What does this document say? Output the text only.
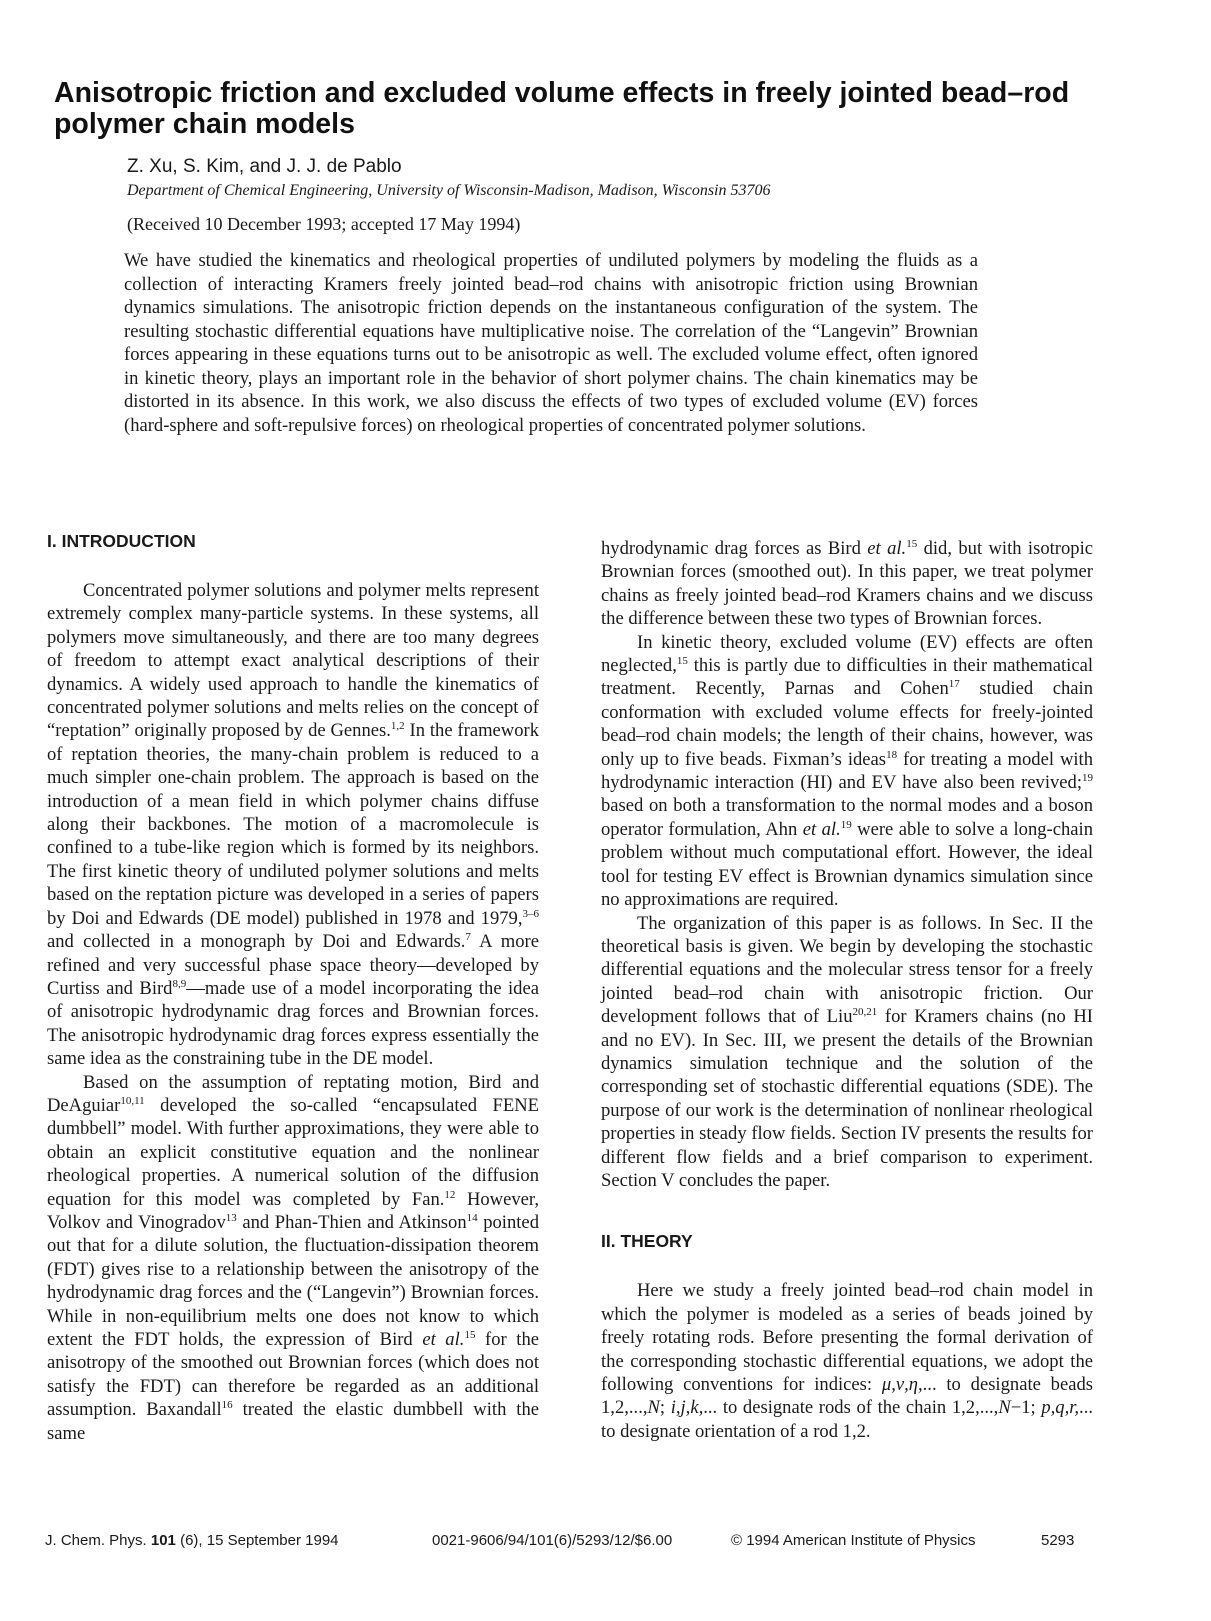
Anisotropic friction and excluded volume effects in freely jointed bead–rod polymer chain models
Z. Xu, S. Kim, and J. J. de Pablo
Department of Chemical Engineering, University of Wisconsin-Madison, Madison, Wisconsin 53706
(Received 10 December 1993; accepted 17 May 1994)

We have studied the kinematics and rheological properties of undiluted polymers by modeling the fluids as a collection of interacting Kramers freely jointed bead–rod chains with anisotropic friction using Brownian dynamics simulations. The anisotropic friction depends on the instantaneous configuration of the system. The resulting stochastic differential equations have multiplicative noise. The correlation of the “Langevin” Brownian forces appearing in these equations turns out to be anisotropic as well. The excluded volume effect, often ignored in kinetic theory, plays an important role in the behavior of short polymer chains. The chain kinematics may be distorted in its absence. In this work, we also discuss the effects of two types of excluded volume (EV) forces (hard-sphere and soft-repulsive forces) on rheological properties of concentrated polymer solutions.

I. INTRODUCTION

Concentrated polymer solutions and polymer melts represent extremely complex many-particle systems. In these systems, all polymers move simultaneously, and there are too many degrees of freedom to attempt exact analytical descriptions of their dynamics. A widely used approach to handle the kinematics of concentrated polymer solutions and melts relies on the concept of “reptation” originally proposed by de Gennes.$^{1,2}$ In the framework of reptation theories, the many-chain problem is reduced to a much simpler one-chain problem. The approach is based on the introduction of a mean field in which polymer chains diffuse along their backbones. The motion of a macromolecule is confined to a tube-like region which is formed by its neighbors. The first kinetic theory of undiluted polymer solutions and melts based on the reptation picture was developed in a series of papers by Doi and Edwards (DE model) published in 1978 and 1979,$^{3-6}$ and collected in a monograph by Doi and Edwards.$^7$ A more refined and very successful phase space theory—developed by Curtiss and Bird$^{8,9}$—made use of a model incorporating the idea of anisotropic hydrodynamic drag forces and Brownian forces. The anisotropic hydrodynamic drag forces express essentially the same idea as the constraining tube in the DE model.

Based on the assumption of reptating motion, Bird and DeAguiar$^{10,11}$ developed the so-called “encapsulated FENE dumbbell” model. With further approximations, they were able to obtain an explicit constitutive equation and the nonlinear rheological properties. A numerical solution of the diffusion equation for this model was completed by Fan.$^{12}$ However, Volkov and Vinogradov$^{13}$ and Phan-Thien and Atkinson$^{14}$ pointed out that for a dilute solution, the fluctuation-dissipation theorem (FDT) gives rise to a relationship between the anisotropy of the hydrodynamic drag forces and the (“Langevin”) Brownian forces. While in non-equilibrium melts one does not know to which extent the FDT holds, the expression of Bird et al.$^{15}$ for the anisotropy of the smoothed out Brownian forces (which does not satisfy the FDT) can therefore be regarded as an additional assumption. Baxandall$^{16}$ treated the elastic dumbbell with the same

hydrodynamic drag forces as Bird et al.$^{15}$ did, but with isotropic Brownian forces (smoothed out). In this paper, we treat polymer chains as freely jointed bead–rod Kramers chains and we discuss the difference between these two types of Brownian forces.

In kinetic theory, excluded volume (EV) effects are often neglected,$^{15}$ this is partly due to difficulties in their mathematical treatment. Recently, Parnas and Cohen$^{17}$ studied chain conformation with excluded volume effects for freely-jointed bead–rod chain models; the length of their chains, however, was only up to five beads. Fixman’s ideas$^{18}$ for treating a model with hydrodynamic interaction (HI) and EV have also been revived;$^{19}$ based on both a transformation to the normal modes and a boson operator formulation, Ahn et al.$^{19}$ were able to solve a long-chain problem without much computational effort. However, the ideal tool for testing EV effect is Brownian dynamics simulation since no approximations are required.

The organization of this paper is as follows. In Sec. II the theoretical basis is given. We begin by developing the stochastic differential equations and the molecular stress tensor for a freely jointed bead–rod chain with anisotropic friction. Our development follows that of Liu$^{20,21}$ for Kramers chains (no HI and no EV). In Sec. III, we present the details of the Brownian dynamics simulation technique and the solution of the corresponding set of stochastic differential equations (SDE). The purpose of our work is the determination of nonlinear rheological properties in steady flow fields. Section IV presents the results for different flow fields and a brief comparison to experiment. Section V concludes the paper.

II. THEORY

Here we study a freely jointed bead–rod chain model in which the polymer is modeled as a series of beads joined by freely rotating rods. Before presenting the formal derivation of the corresponding stochastic differential equations, we adopt the following conventions for indices: μ,ν,η,... to designate beads 1,2,...,N; i,j,k,... to designate rods of the chain 1,2,...,N−1; p,q,r,... to designate orientation of a rod 1,2.

J. Chem. Phys. 101 (6), 15 September 1994	0021-9606/94/101(6)/5293/12/$6.00	© 1994 American Institute of Physics	5293
